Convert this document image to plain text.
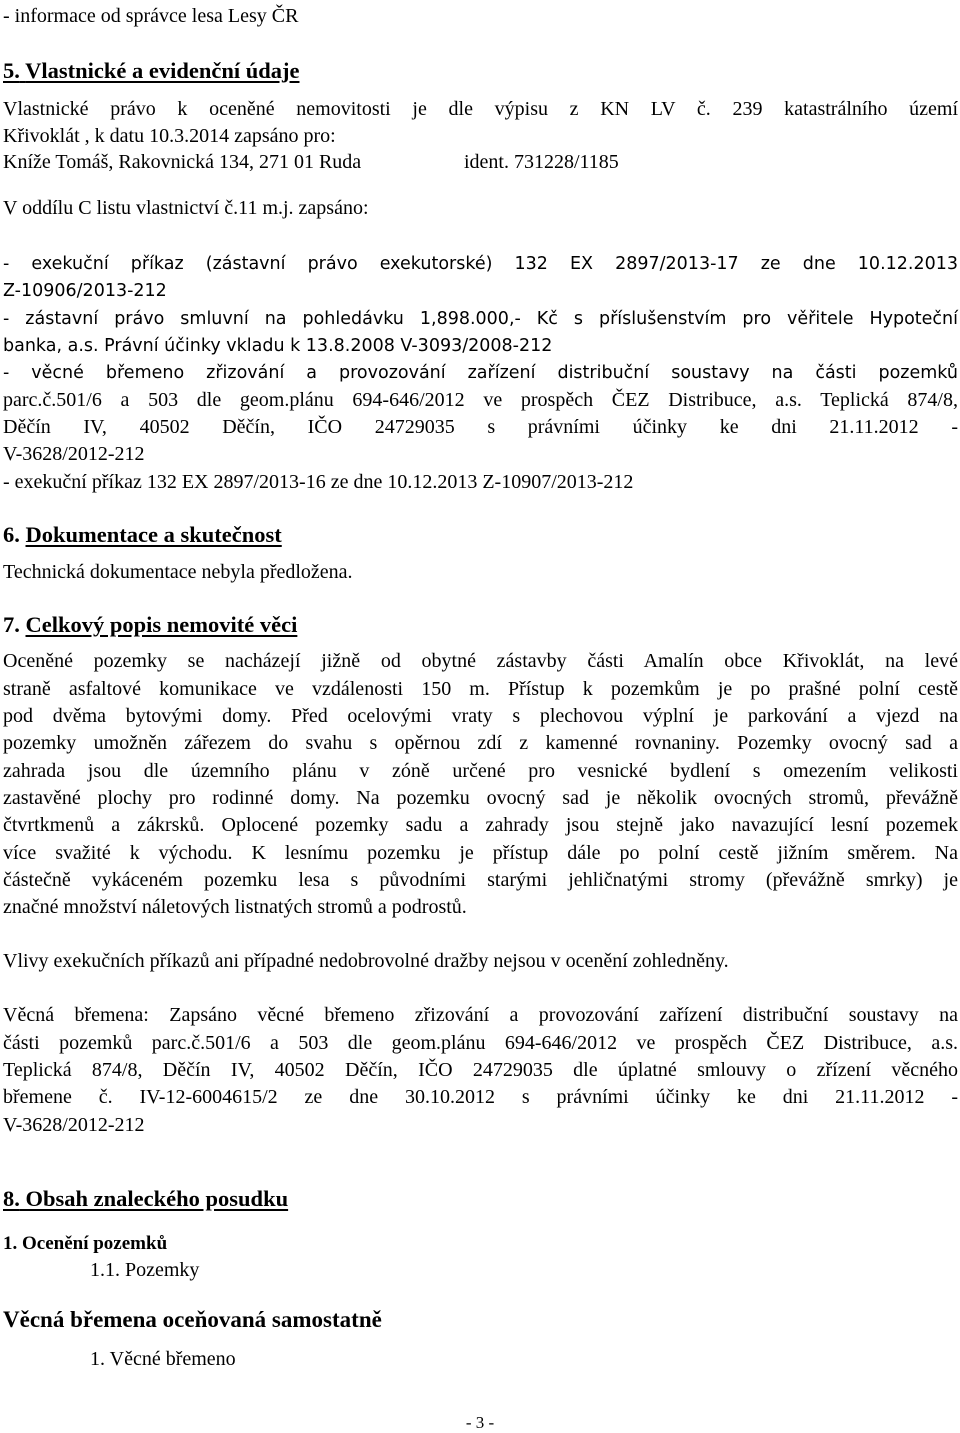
- informace od správce lesa Lesy ČR
5. Vlastnické a evidenční údaje
Vlastnické právo k oceněné nemovitosti je dle výpisu z KN LV č. 239 katastrálního území
Křivoklát , k datu 10.3.2014 zapsáno pro:
Kníže Tomáš, Rakovnická 134, 271 01 Ruda	ident. 731228/1185
V oddílu C listu vlastnictví č.11 m.j. zapsáno:
- exekuční příkaz (zástavní právo exekutorské) 132 EX 2897/2013-17 ze dne 10.12.2013
Z-10906/2013-212
- zástavní právo smluvní na pohledávku 1,898.000,- Kč s příslušenstvím pro věřitele Hypoteční
banka, a.s. Právní účinky vkladu k 13.8.2008 V-3093/2008-212
- věcné břemeno zřizování a provozování zařízení distribuční soustavy na části pozemků
parc.č.501/6 a 503 dle geom.plánu 694-646/2012 ve prospěch ČEZ Distribuce, a.s. Teplická 874/8,
Děčín IV, 40502 Děčín, IČO 24729035 s právními účinky ke dni 21.11.2012 -
V-3628/2012-212
- exekuční příkaz 132 EX 2897/2013-16 ze dne 10.12.2013 Z-10907/2013-212
6. Dokumentace a skutečnost
Technická dokumentace nebyla předložena.
7. Celkový popis nemovité věci
Oceněné pozemky se nacházejí jižně od obytné zástavby části Amalín obce Křivoklát, na levé
straně asfaltové komunikace ve vzdálenosti 150 m. Přístup k pozemkům je po prašné polní cestě
pod dvěma bytovými domy. Před ocelovými vraty s plechovou výplní je parkování a vjezd na
pozemky umožněn zářezem do svahu s opěrnou zdí z kamenné rovnaniny. Pozemky ovocný sad a
zahrada jsou dle územního plánu v zóně určené pro vesnické bydlení s omezením velikosti
zastavěné plochy pro rodinné domy. Na pozemku ovocný sad je několik ovocných stromů, převážně
čtvrtkmenů a zákrsků. Oplocené pozemky sadu a zahrady jsou stejně jako navazující lesní pozemek
více svažité k východu. K lesnímu pozemku je přístup dále po polní cestě jižním směrem. Na
částečně vykáceném pozemku lesa s původními starými jehličnatými stromy (převážně smrky) je
značné množství náletových listnatých stromů a podrostů.
Vlivy exekučních příkazů ani případné nedobrovolné dražby nejsou v ocenění zohledněny.
Věcná břemena: Zapsáno věcné břemeno zřizování a provozování zařízení distribuční soustavy na
části pozemků parc.č.501/6 a 503 dle geom.plánu 694-646/2012 ve prospěch ČEZ Distribuce, a.s.
Teplická 874/8, Děčín IV, 40502 Děčín, IČO 24729035 dle úplatné smlouvy o zřízení věcného
břemene č. IV-12-6004615/2 ze dne 30.10.2012 s právními účinky ke dni 21.11.2012 -
V-3628/2012-212
8. Obsah znaleckého posudku
1. Ocenění pozemků
1.1. Pozemky
Věcná břemena oceňovaná samostatně
1. Věcné břemeno
- 3 -
